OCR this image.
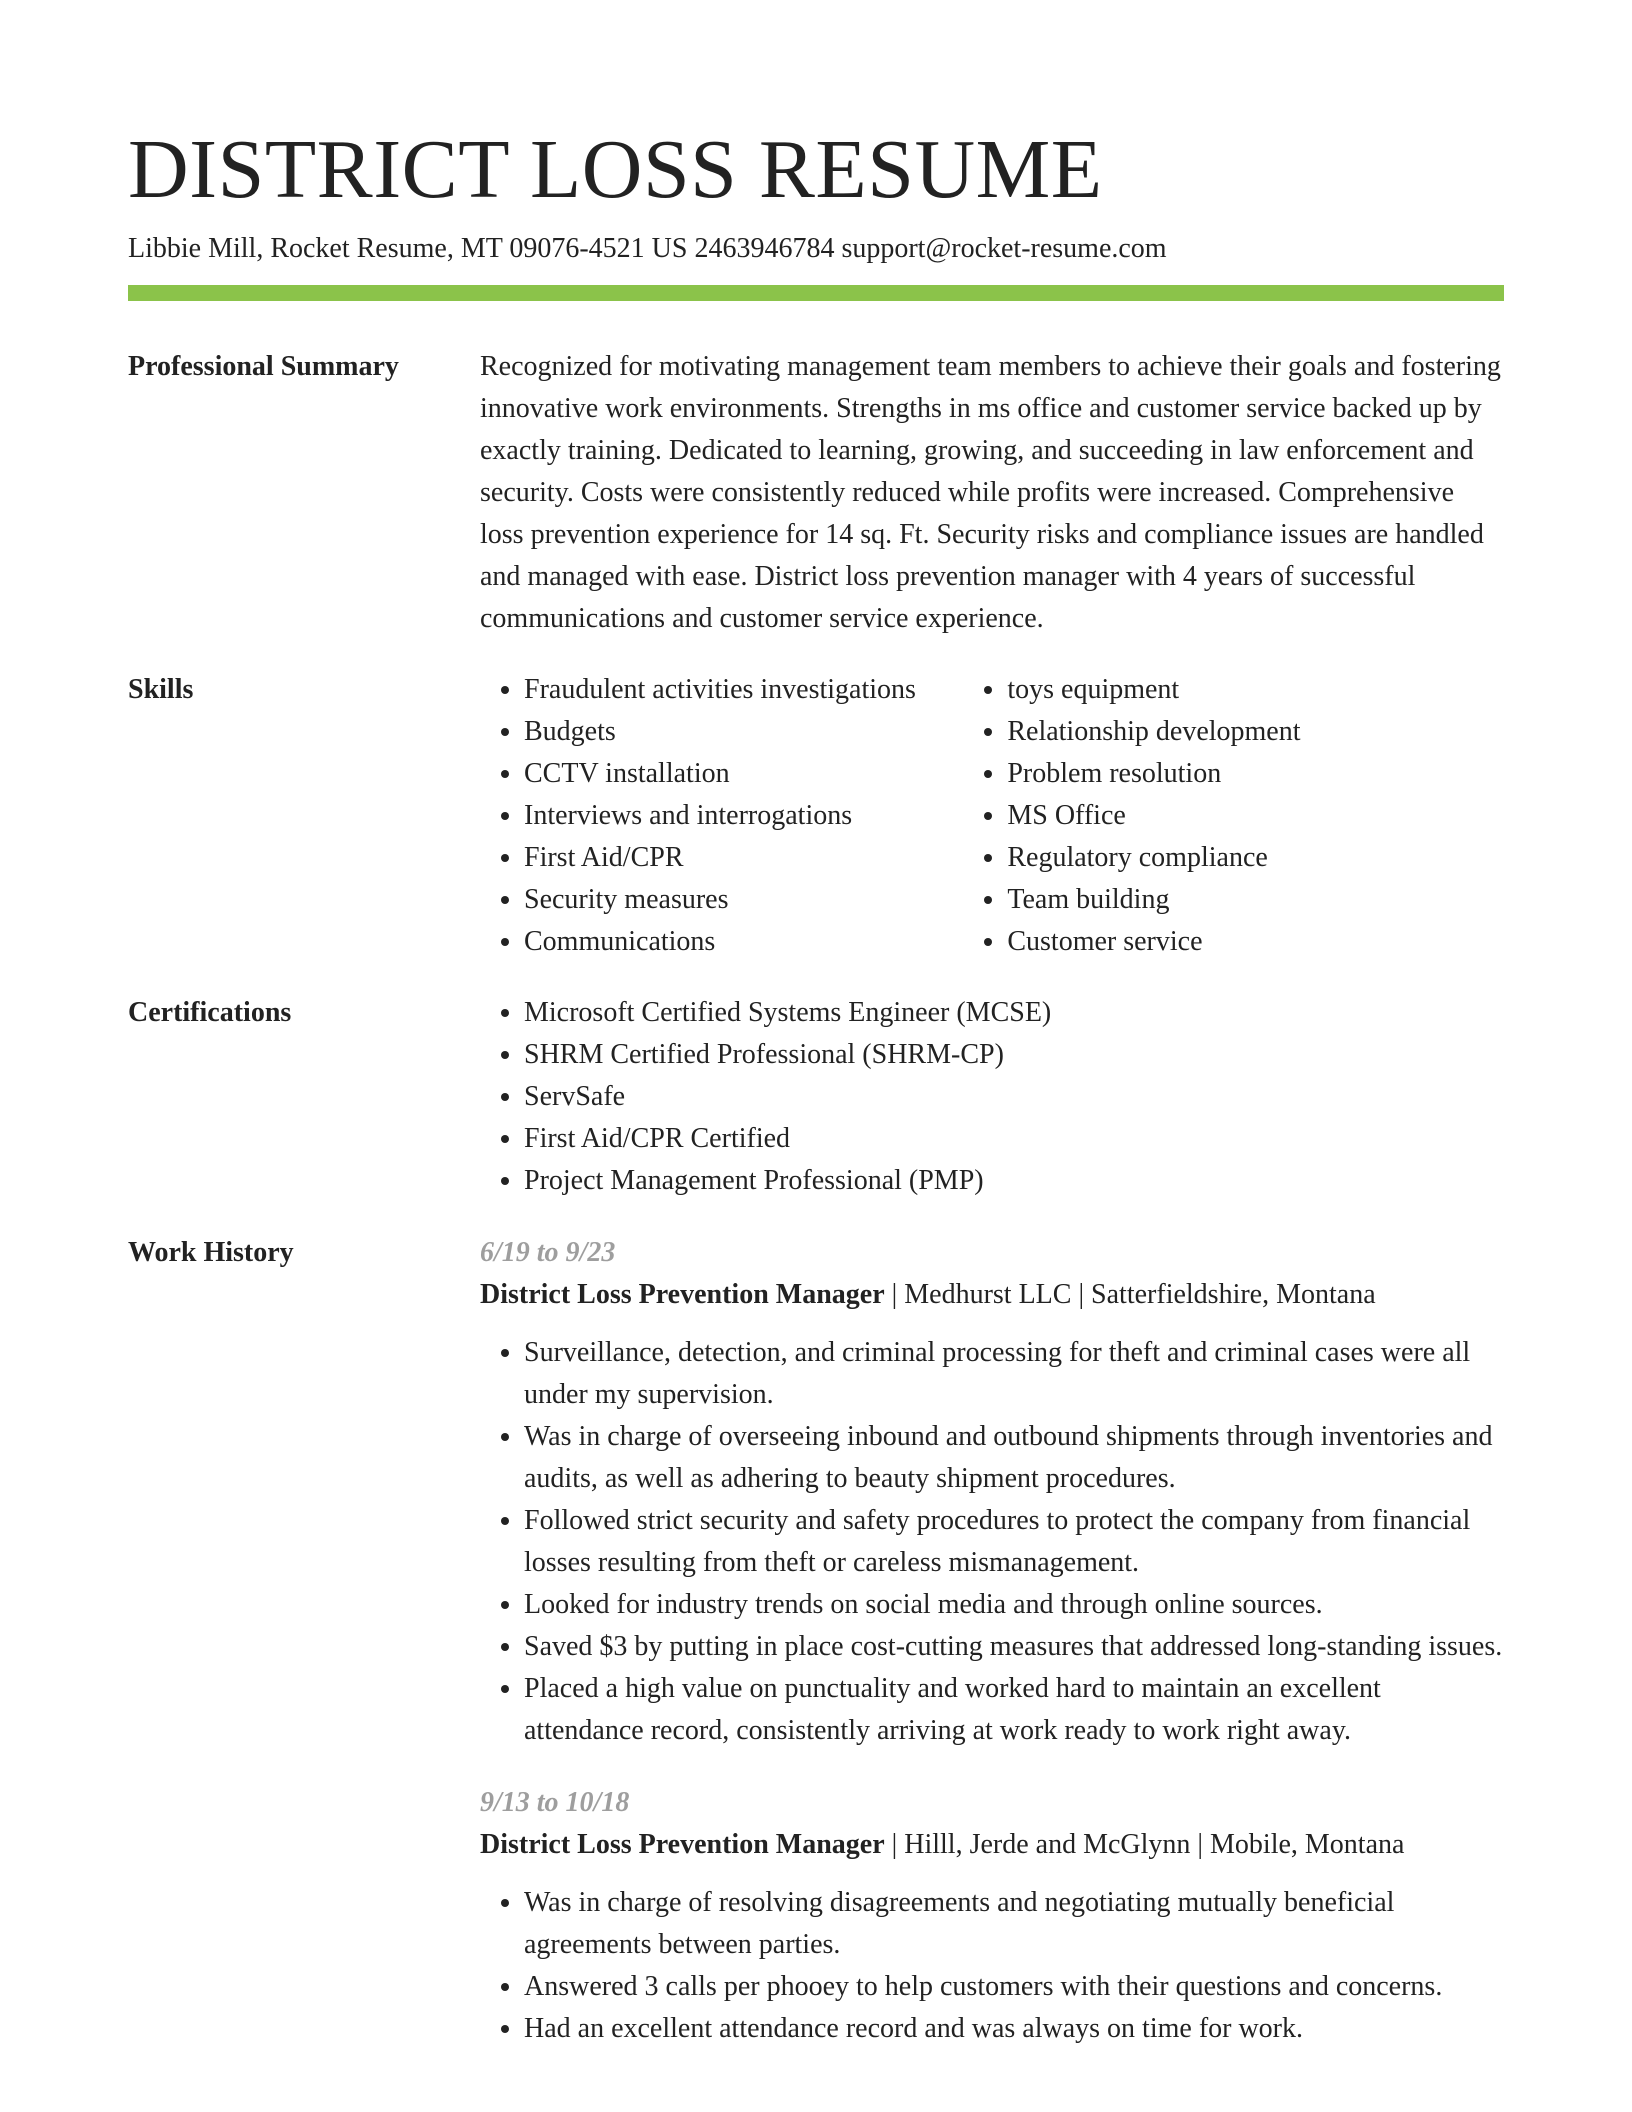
DISTRICT LOSS RESUME
Libbie Mill, Rocket Resume, MT 09076-4521 US 2463946784 support@rocket-resume.com
Professional Summary	Recognized for motivating management team members to achieve their goals and fostering innovative work environments. Strengths in ms office and customer service backed up by exactly training. Dedicated to learning, growing, and succeeding in law enforcement and security. Costs were consistently reduced while profits were increased. Comprehensive loss prevention experience for 14 sq. Ft. Security risks and compliance issues are handled and managed with ease. District loss prevention manager with 4 years of successful communications and customer service experience.

Skills	• Fraudulent activities investigations
• Budgets
• CCTV installation
• Interviews and interrogations
• First Aid/CPR
• Security measures
• Communications
• toys equipment
• Relationship development
• Problem resolution
• MS Office
• Regulatory compliance
• Team building
• Customer service
Certifications	• Microsoft Certified Systems Engineer (MCSE)
• SHRM Certified Professional (SHRM-CP)
• ServSafe
• First Aid/CPR Certified
• Project Management Professional (PMP)
Work History	6/19 to 9/23
District Loss Prevention Manager | Medhurst LLC | Satterfieldshire, Montana
• Surveillance, detection, and criminal processing for theft and criminal cases were all under my supervision.
• Was in charge of overseeing inbound and outbound shipments through inventories and audits, as well as adhering to beauty shipment procedures.
• Followed strict security and safety procedures to protect the company from financial losses resulting from theft or careless mismanagement.
• Looked for industry trends on social media and through online sources.
• Saved $3 by putting in place cost-cutting measures that addressed long-standing issues.
• Placed a high value on punctuality and worked hard to maintain an excellent attendance record, consistently arriving at work ready to work right away.
9/13 to 10/18
District Loss Prevention Manager | Hilll, Jerde and McGlynn | Mobile, Montana
• Was in charge of resolving disagreements and negotiating mutually beneficial agreements between parties.
• Answered 3 calls per phooey to help customers with their questions and concerns.
• Had an excellent attendance record and was always on time for work.
